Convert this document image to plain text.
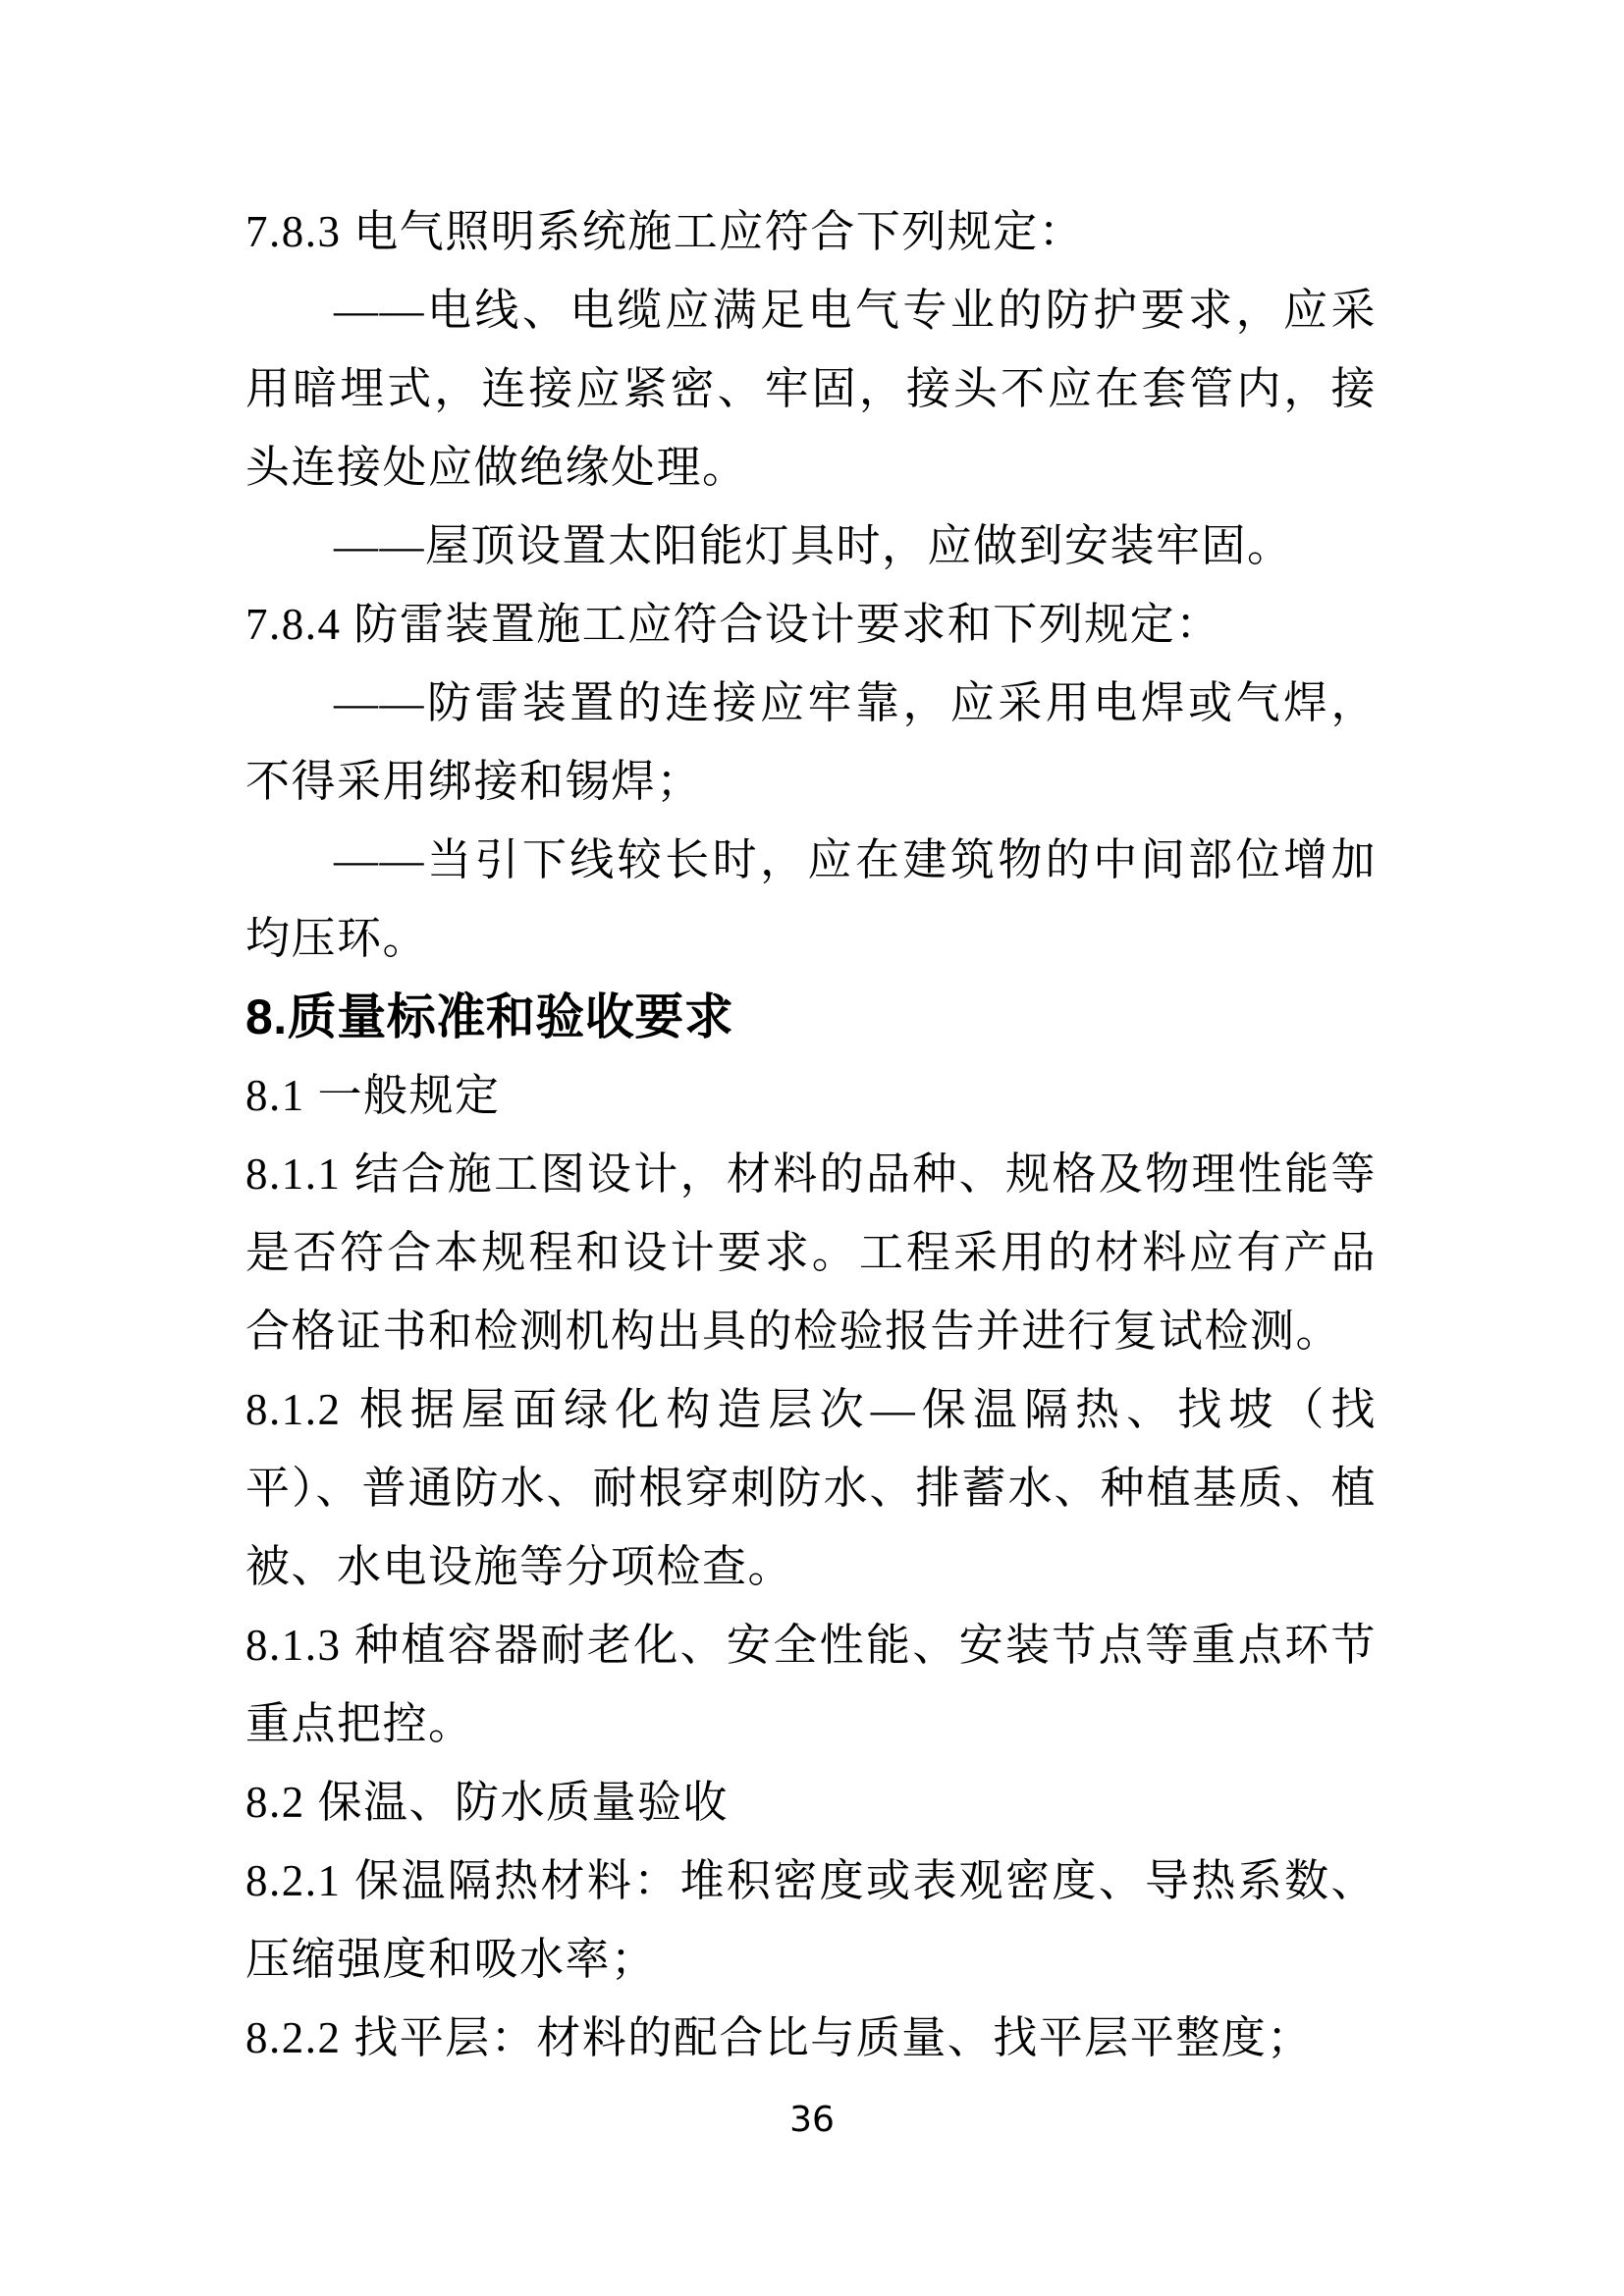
7.8.3 电气照明系统施工应符合下列规定：

——电线、电缆应满足电气专业的防护要求，应采用暗埋式，连接应紧密、牢固，接头不应在套管内，接头连接处应做绝缘处理。

——屋顶设置太阳能灯具时，应做到安装牢固。

7.8.4 防雷装置施工应符合设计要求和下列规定：

——防雷装置的连接应牢靠，应采用电焊或气焊，不得采用绑接和锡焊；

——当引下线较长时，应在建筑物的中间部位增加均压环。

8.质量标准和验收要求

8.1 一般规定

8.1.1 结合施工图设计，材料的品种、规格及物理性能等是否符合本规程和设计要求。工程采用的材料应有产品合格证书和检测机构出具的检验报告并进行复试检测。

8.1.2 根据屋面绿化构造层次—保温隔热、找坡（找平）、普通防水、耐根穿刺防水、排蓄水、种植基质、植被、水电设施等分项检查。

8.1.3 种植容器耐老化、安全性能、安装节点等重点环节重点把控。

8.2 保温、防水质量验收

8.2.1 保温隔热材料：堆积密度或表观密度、导热系数、压缩强度和吸水率；

8.2.2 找平层：材料的配合比与质量、找平层平整度；

36
